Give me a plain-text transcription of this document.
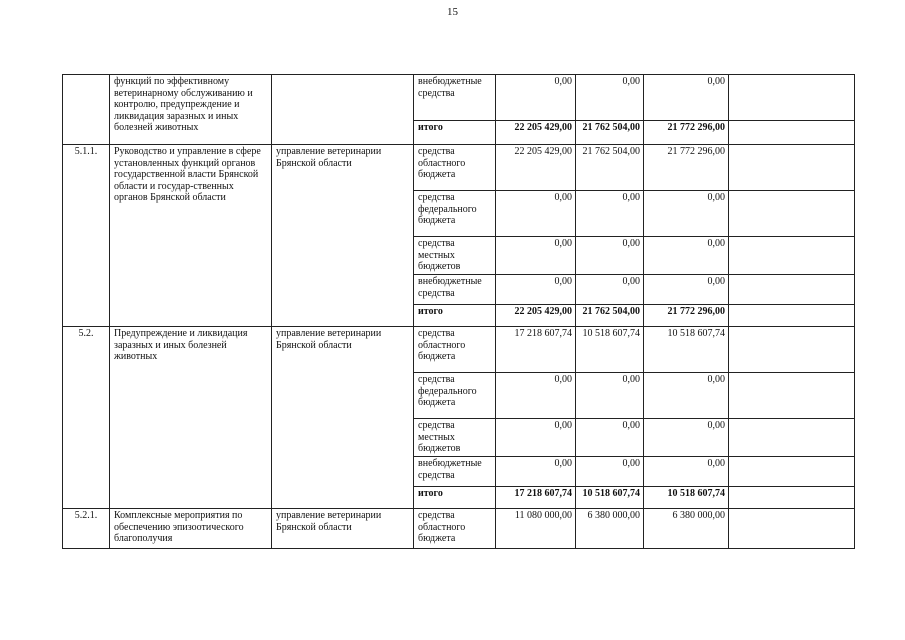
15
	функций по эффективному ветеринарному обслуживанию и контролю, предупреждение и ликвидация заразных и иных болезней животных		внебюджетные средства	0,00	0,00	0,00	
			итого	22 205 429,00	21 762 504,00	21 772 296,00	
5.1.1.	Руководство и управление в сфере установленных функций органов государственной власти Брянской области и государ-ственных органов Брянской области	управление ветеринарии Брянской области	средства областного бюджета	22 205 429,00	21 762 504,00	21 772 296,00	
			средства федерального бюджета	0,00	0,00	0,00	
			средства местных бюджетов	0,00	0,00	0,00	
			внебюджетные средства	0,00	0,00	0,00	
			итого	22 205 429,00	21 762 504,00	21 772 296,00	
5.2.	Предупреждение и ликвидация заразных и иных болезней животных	управление ветеринарии Брянской области	средства областного бюджета	17 218 607,74	10 518 607,74	10 518 607,74	
			средства федерального бюджета	0,00	0,00	0,00	
			средства местных бюджетов	0,00	0,00	0,00	
			внебюджетные средства	0,00	0,00	0,00	
			итого	17 218 607,74	10 518 607,74	10 518 607,74	
5.2.1.	Комплексные мероприятия по обеспечению эпизоотического благополучия	управление ветеринарии Брянской области	средства областного бюджета	11 080 000,00	6 380 000,00	6 380 000,00	
